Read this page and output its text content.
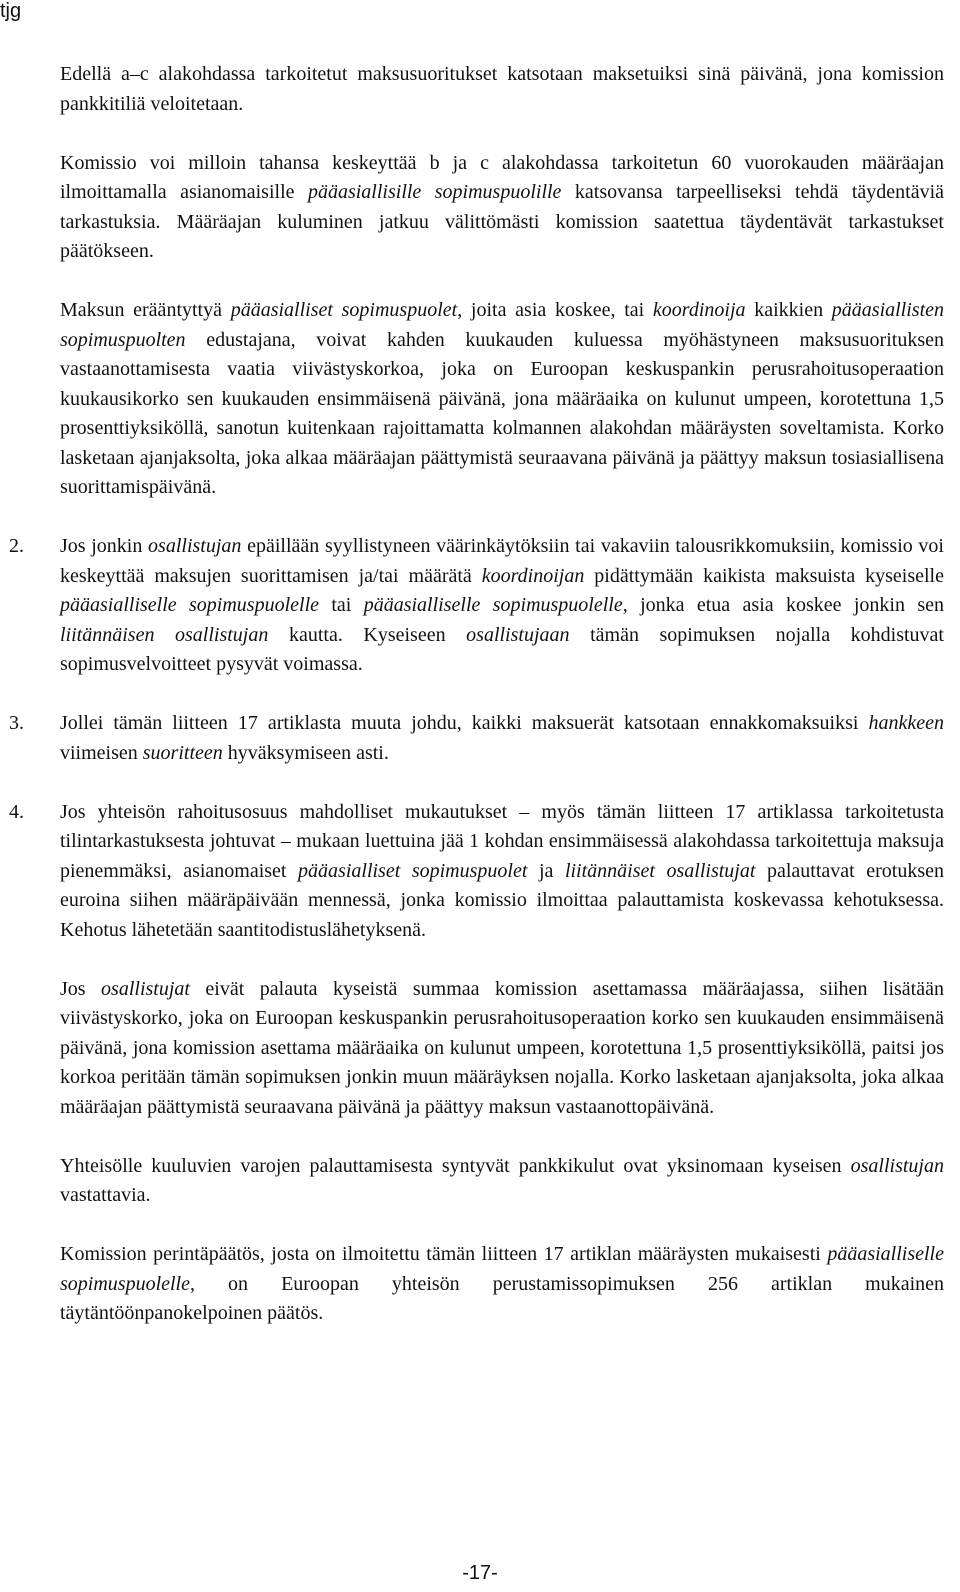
tjg

Edellä a–c alakohdassa tarkoitetut maksusuoritukset katsotaan maksetuiksi sinä päivänä, jona komission pankkitiliä veloitetaan.

Komissio voi milloin tahansa keskeyttää b ja c alakohdassa tarkoitetun 60 vuorokauden määräajan ilmoittamalla asianomaisille pääasiallisille sopimuspuolille katsovansa tarpeelliseksi tehdä täydentäviä tarkastuksia. Määräajan kuluminen jatkuu välittömästi komission saatettua täydentävät tarkastukset päätökseen.

Maksun erääntyttyä pääasialliset sopimuspuolet, joita asia koskee, tai koordinoija kaikkien pääasiallisten sopimuspuolten edustajana, voivat kahden kuukauden kuluessa myöhästyneen maksusuorituksen vastaanottamisesta vaatia viivästyskorkoa, joka on Euroopan keskuspankin perusrahoitusoperaation kuukausikorko sen kuukauden ensimmäisenä päivänä, jona määräaika on kulunut umpeen, korotettuna 1,5 prosenttiyksiköllä, sanotun kuitenkaan rajoittamatta kolmannen alakohdan määräysten soveltamista. Korko lasketaan ajanjaksolta, joka alkaa määräajan päättymistä seuraavana päivänä ja päättyy maksun tosiasiallisena suorittamispäivänä.

2.	Jos jonkin osallistujan epäillään syyllistyneen väärinkäytöksiin tai vakaviin talousrikkomuksiin, komissio voi keskeyttää maksujen suorittamisen ja/tai määrätä koordinoijan pidättymään kaikista maksuista kyseiselle pääasialliselle sopimuspuolelle tai pääasialliselle sopimuspuolelle, jonka etua asia koskee jonkin sen liitännäisen osallistujan kautta. Kyseiseen osallistujaan tämän sopimuksen nojalla kohdistuvat sopimusvelvoitteet pysyvät voimassa.
3.	Jollei tämän liitteen 17 artiklasta muuta johdu, kaikki maksuerät katsotaan ennakkomaksuiksi hankkeen viimeisen suoritteen hyväksymiseen asti.
4.	Jos yhteisön rahoitusosuus mahdolliset mukautukset – myös tämän liitteen 17 artiklassa tarkoitetusta tilintarkastuksesta johtuvat – mukaan luettuina jää 1 kohdan ensimmäisessä alakohdassa tarkoitettuja maksuja pienemmäksi, asianomaiset pääasialliset sopimuspuolet ja liitännäiset osallistujat palauttavat erotuksen euroina siihen määräpäivään mennessä, jonka komissio ilmoittaa palauttamista koskevassa kehotuksessa. Kehotus lähetetään saantitodistuslähetyksenä.

Jos osallistujat eivät palauta kyseistä summaa komission asettamassa määräajassa, siihen lisätään viivästyskorko, joka on Euroopan keskuspankin perusrahoitusoperaation korko sen kuukauden ensimmäisenä päivänä, jona komission asettama määräaika on kulunut umpeen, korotettuna 1,5 prosenttiyksiköllä, paitsi jos korkoa peritään tämän sopimuksen jonkin muun määräyksen nojalla. Korko lasketaan ajanjaksolta, joka alkaa määräajan päättymistä seuraavana päivänä ja päättyy maksun vastaanottopäivänä.

Yhteisölle kuuluvien varojen palauttamisesta syntyvät pankkikulut ovat yksinomaan kyseisen osallistujan vastattavia.

Komission perintäpäätös, josta on ilmoitettu tämän liitteen 17 artiklan määräysten mukaisesti pääasialliselle sopimuspuolelle, on Euroopan yhteisön perustamissopimuksen 256 artiklan mukainen täytäntöönpanokelpoinen päätös.

-17-
